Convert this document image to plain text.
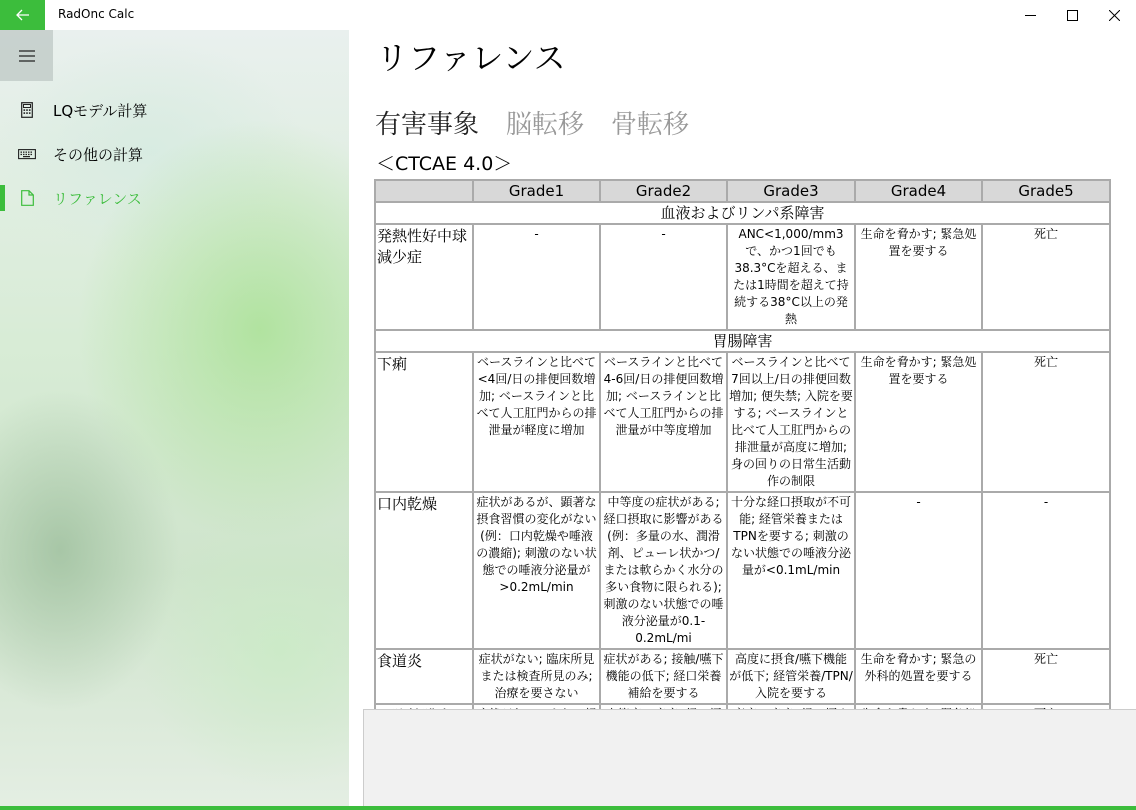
RadOnc Calc
LQモデル計算
その他の計算
リファレンス
リファレンス
有害事象 脳転移 骨転移
＜CTCAE 4.0＞
	Grade1	Grade2	Grade3	Grade4	Grade5
血液およびリンパ系障害					
発熱性好中球減少症	-	-	ANC<1,000/mm3で、かつ1回でも38.3°Cを超える、または1時間を超えて持続する38°C以上の発熱	生命を脅かす; 緊急処置を要する	死亡
胃腸障害					
下痢	ベースラインと比べて<4回/日の排便回数増加; ベースラインと比べて人工肛門からの排泄量が軽度に増加	ベースラインと比べて4-6回/日の排便回数増加; ベースラインと比べて人工肛門からの排泄量が中等度増加	ベースラインと比べて7回以上/日の排便回数増加; 便失禁; 入院を要する; ベースラインと比べて人工肛門からの排泄量が高度に増加; 身の回りの日常生活動作の制限	生命を脅かす; 緊急処置を要する	死亡
口内乾燥	症状があるが、顕著な摂食習慣の変化がない(例：口内乾燥や唾液の濃縮); 刺激のない状態での唾液分泌量が>0.2mL/min	中等度の症状がある; 経口摂取に影響がある(例：多量の水、潤滑剤、ピューレ状かつ/または軟らかく水分の多い食物に限られる); 刺激のない状態での唾液分泌量が0.1-0.2mL/mi	十分な経口摂取が不可能; 経管栄養またはTPNを要する; 刺激のない状態での唾液分泌量が<0.1mL/min	-	-
食道炎	症状がない; 臨床所見または検査所見のみ; 治療を要さない	症状がある; 接触/嚥下機能の低下; 経口栄養補給を要する	高度に摂食/嚥下機能が低下; 経管栄養/TPN/入院を要する	生命を脅かす; 緊急の外科的処置を要する	死亡
